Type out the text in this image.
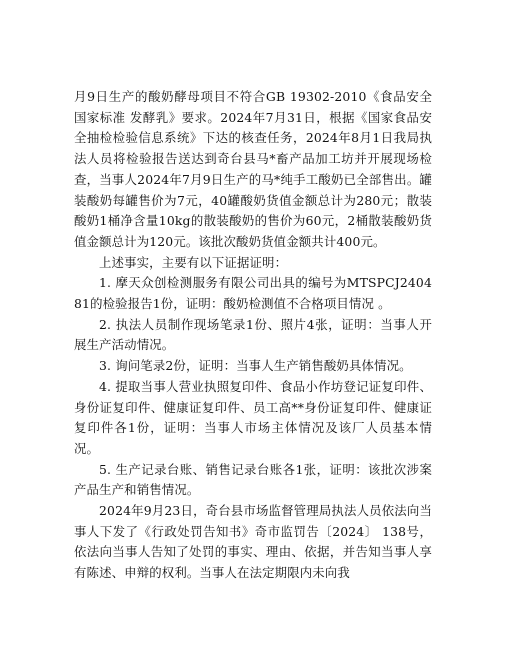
月9日生产的酸奶酵母项目不符合GB 19302-2010《食品安全国家标准 发酵乳》要求。2024年7月31日，根据《国家食品安全抽检检验信息系统》下达的核查任务，2024年8月1日我局执法人员将检验报告送达到奇台县马*畜产品加工坊并开展现场检查，当事人2024年7月9日生产的马*纯手工酸奶已全部售出。罐装酸奶每罐售价为7元，40罐酸奶货值金额总计为280元；散装酸奶1桶净含量10kg的散装酸奶的售价为60元，2桶散装酸奶货值金额总计为120元。该批次酸奶货值金额共计400元。

上述事实，主要有以下证据证明：

1. 摩天众创检测服务有限公司出具的编号为MTSPCJ240481的检验报告1份，证明：酸奶检测值不合格项目情况 。

2. 执法人员制作现场笔录1份、照片4张，证明：当事人开展生产活动情况。

3. 询问笔录2份，证明：当事人生产销售酸奶具体情况。

4. 提取当事人营业执照复印件、食品小作坊登记证复印件、身份证复印件、健康证复印件、员工高**身份证复印件、健康证复印件各1份，证明：当事人市场主体情况及该厂人员基本情况。

5. 生产记录台账、销售记录台账各1张，证明：该批次涉案产品生产和销售情况。

2024年9月23日，奇台县市场监督管理局执法人员依法向当事人下发了《行政处罚告知书》奇市监罚告〔2024〕 138号，依法向当事人告知了处罚的事实、理由、依据，并告知当事人享有陈述、申辩的权利。当事人在法定期限内未向我
